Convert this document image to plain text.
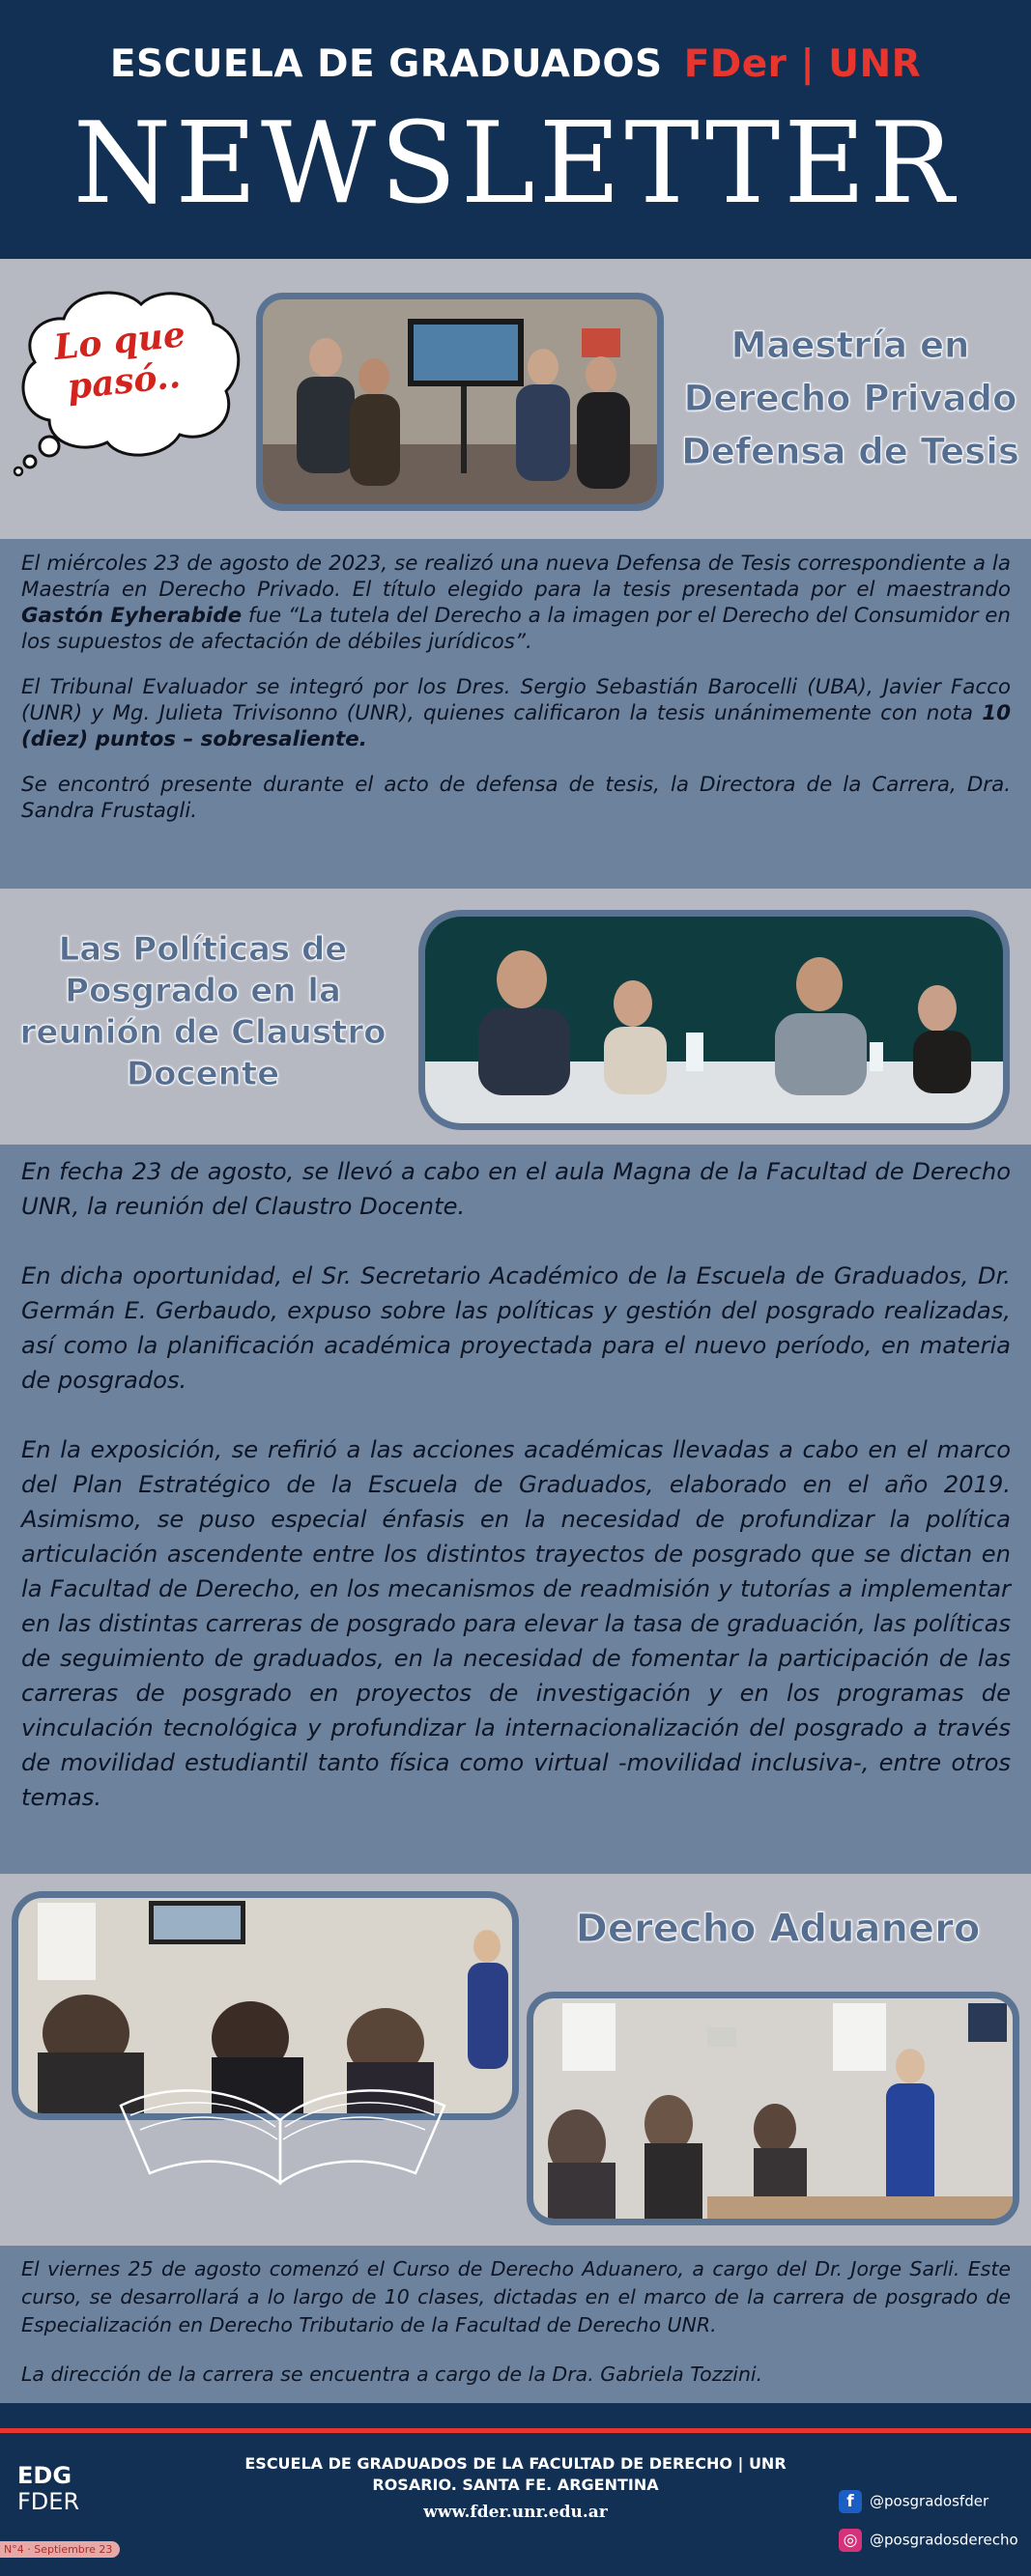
ESCUELA DE GRADUADOS FDer | UNR
NEWSLETTER
Lo que pasó..
Maestría en
Derecho Privado
Defensa de Tesis

El miércoles 23 de agosto de 2023, se realizó una nueva Defensa de Tesis correspondiente a la Maestría en Derecho Privado. El título elegido para la tesis presentada por el maestrando Gastón Eyherabide fue “La tutela del Derecho a la imagen por el Derecho del Consumidor en los supuestos de afectación de débiles jurídicos”.

El Tribunal Evaluador se integró por los Dres. Sergio Sebastián Barocelli (UBA), Javier Facco (UNR) y Mg. Julieta Trivisonno (UNR), quienes calificaron la tesis unánimemente con nota 10 (diez) puntos – sobresaliente.

Se encontró presente durante el acto de defensa de tesis, la Directora de la Carrera, Dra. Sandra Frustagli.

Las Políticas de
Posgrado en la
reunión de Claustro
Docente

En fecha 23 de agosto, se llevó a cabo en el aula Magna de la Facultad de Derecho UNR, la reunión del Claustro Docente.

En dicha oportunidad, el Sr. Secretario Académico de la Escuela de Graduados, Dr. Germán E. Gerbaudo, expuso sobre las políticas y gestión del posgrado realizadas, así como la planificación académica proyectada para el nuevo período, en materia de posgrados.

En la exposición, se refirió a las acciones académicas llevadas a cabo en el marco del Plan Estratégico de la Escuela de Graduados, elaborado en el año 2019. Asimismo, se puso especial énfasis en la necesidad de profundizar la política articulación ascendente entre los distintos trayectos de posgrado que se dictan en la Facultad de Derecho, en los mecanismos de readmisión y tutorías a implementar en las distintas carreras de posgrado para elevar la tasa de graduación, las políticas de seguimiento de graduados, en la necesidad de fomentar la participación de las carreras de posgrado en proyectos de investigación y en los programas de vinculación tecnológica y profundizar la internacionalización del posgrado a través de movilidad estudiantil tanto física como virtual -movilidad inclusiva-, entre otros temas.

Derecho Aduanero

El viernes 25 de agosto comenzó el Curso de Derecho Aduanero, a cargo del Dr. Jorge Sarli. Este curso, se desarrollará a lo largo de 10 clases, dictadas en el marco de la carrera de posgrado de Especialización en Derecho Tributario de la Facultad de Derecho UNR.

La dirección de la carrera se encuentra a cargo de la Dra. Gabriela Tozzini.

ESCUELA DE GRADUADOS DE LA FACULTAD DE DERECHO | UNR
ROSARIO. SANTA FE. ARGENTINA
www.fder.unr.edu.ar
EDG
FDER
N°4 · Septiembre 23
f @posgradosfder
◎ @posgradosderecho
